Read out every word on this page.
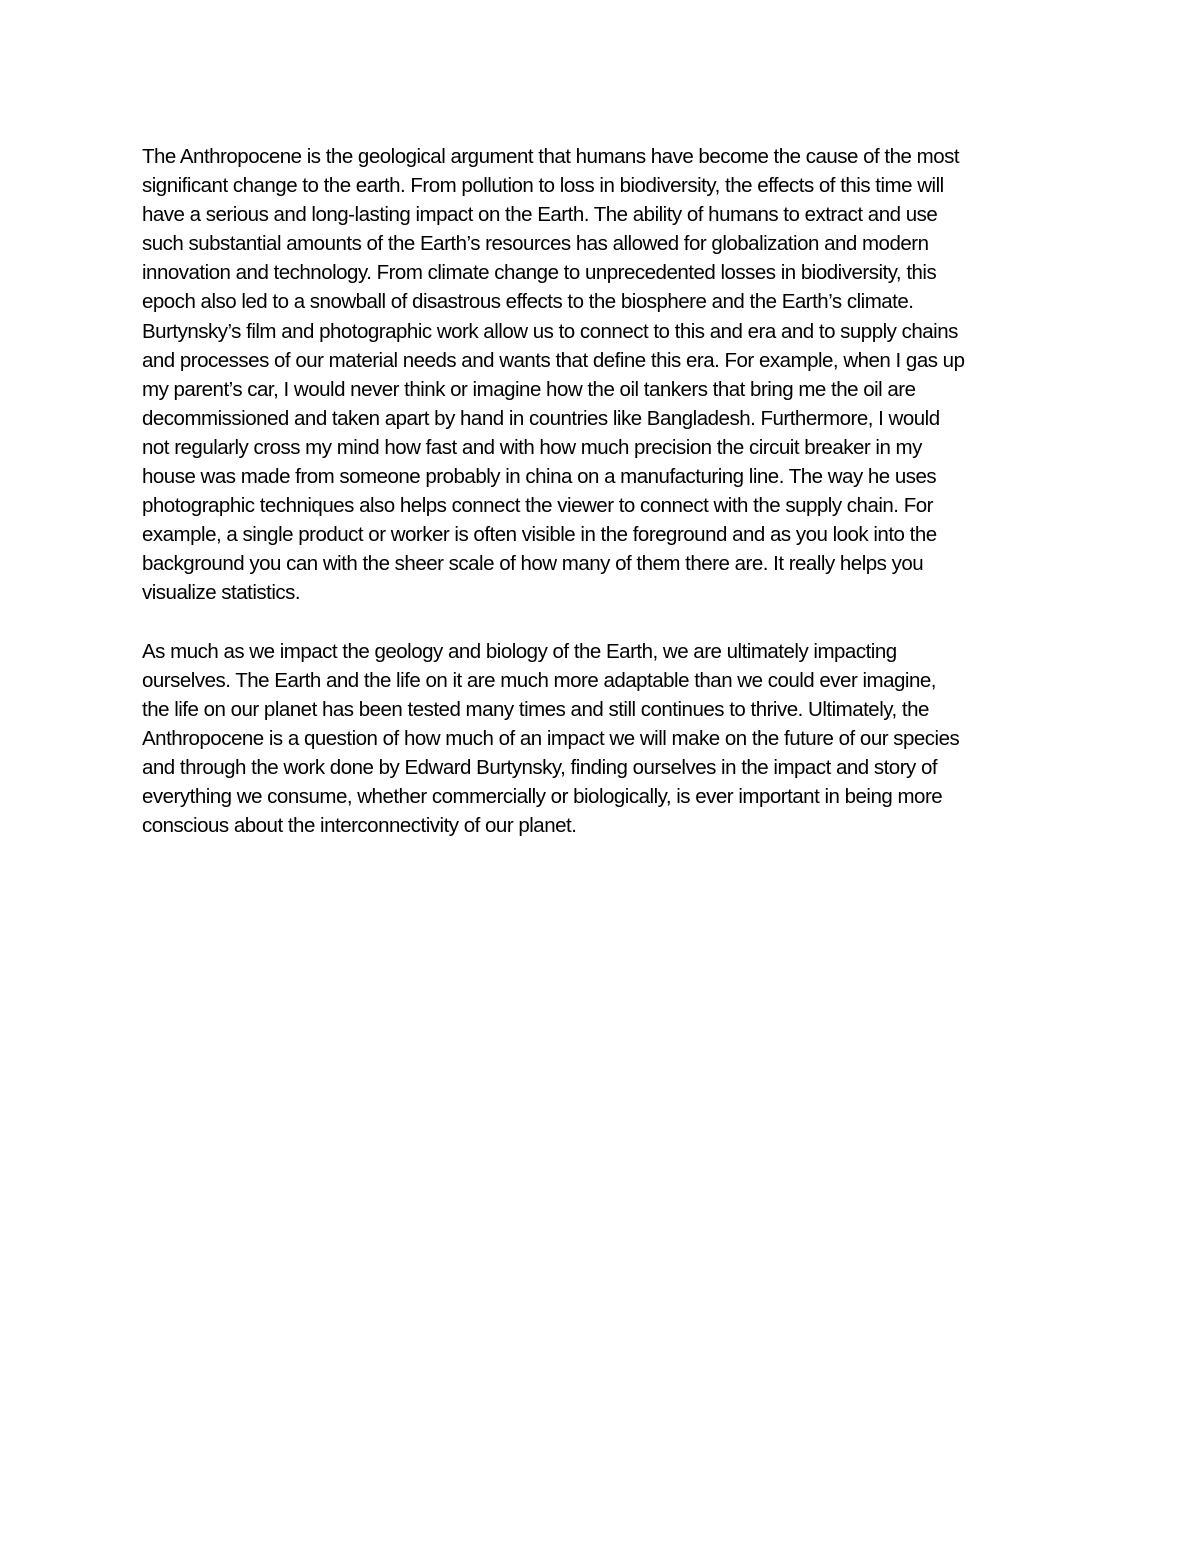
The Anthropocene is the geological argument that humans have become the cause of the most
significant change to the earth. From pollution to loss in biodiversity, the effects of this time will
have a serious and long-lasting impact on the Earth. The ability of humans to extract and use
such substantial amounts of the Earth’s resources has allowed for globalization and modern
innovation and technology. From climate change to unprecedented losses in biodiversity, this
epoch also led to a snowball of disastrous effects to the biosphere and the Earth’s climate.
Burtynsky’s film and photographic work allow us to connect to this and era and to supply chains
and processes of our material needs and wants that define this era. For example, when I gas up
my parent’s car, I would never think or imagine how the oil tankers that bring me the oil are
decommissioned and taken apart by hand in countries like Bangladesh. Furthermore, I would
not regularly cross my mind how fast and with how much precision the circuit breaker in my
house was made from someone probably in china on a manufacturing line. The way he uses
photographic techniques also helps connect the viewer to connect with the supply chain. For
example, a single product or worker is often visible in the foreground and as you look into the
background you can with the sheer scale of how many of them there are. It really helps you
visualize statistics.
As much as we impact the geology and biology of the Earth, we are ultimately impacting
ourselves. The Earth and the life on it are much more adaptable than we could ever imagine,
the life on our planet has been tested many times and still continues to thrive. Ultimately, the
Anthropocene is a question of how much of an impact we will make on the future of our species
and through the work done by Edward Burtynsky, finding ourselves in the impact and story of
everything we consume, whether commercially or biologically, is ever important in being more
conscious about the interconnectivity of our planet.
